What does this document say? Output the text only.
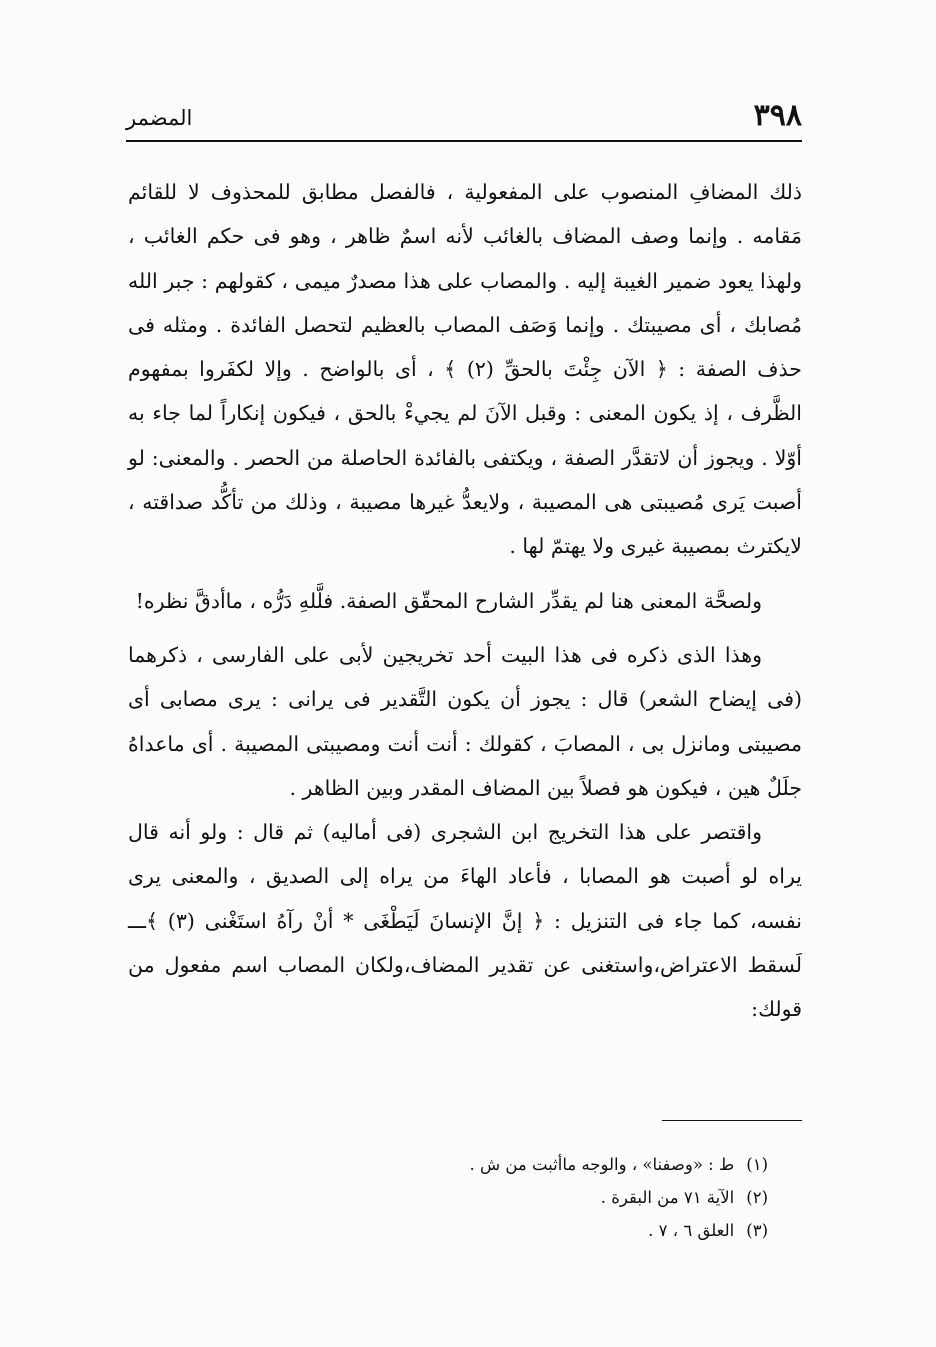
٣٩٨
المضمر

ذلك المضافِ المنصوب على المفعولية ، فالفصل مطابق للمحذوف لا للقائم مَقامه . وإنما وصف المضاف بالغائب لأنه اسمٌ ظاهر ، وهو فى حكم الغائب ، ولهذا يعود ضمير الغيبة إليه . والمصاب على هذا مصدرٌ ميمى ، كقولهم : جبر الله مُصابك ، أى مصيبتك . وإنما وَصَف المصاب بالعظيم لتحصل الفائدة . ومثله فى حذف الصفة : ﴿ الآن جِئْتَ بالحقِّ (٢) ﴾ ، أى بالواضح . وإلا لكفَروا بمفهوم الظَّرف ، إذ يكون المعنى : وقبل الآنَ لم يجيءْ بالحق ، فيكون إنكاراً لما جاء به أوّلا . ويجوز أن لاتقدَّر الصفة ، ويكتفى بالفائدة الحاصلة من الحصر . والمعنى: لو أصبت يَرى مُصيبتى هى المصيبة ، ولايعدُّ غيرها مصيبة ، وذلك من تأكُّد صداقته ، لايكترث بمصيبة غيرى ولا يهتمّ لها .

ولصحَّة المعنى هنا لم يقدِّر الشارح المحقّق الصفة. فلَّلهِ دَرُّه ، ماأدقَّ نظره!

وهذا الذى ذكره فى هذا البيت أحد تخريجين لأبى على الفارسى ، ذكرهما (فى إيضاح الشعر) قال : يجوز أن يكون التَّقدير فى يرانى : يرى مصابى أى مصيبتى ومانزل بى ، المصابَ ، كقولك : أنت أنت ومصيبتى المصيبة . أى ماعداهُ جلَلٌ هين ، فيكون هو فصلاً بين المضاف المقدر وبين الظاهر .

واقتصر على هذا التخريج ابن الشجرى (فى أماليه) ثم قال : ولو أنه قال يراه لو أصبت هو المصابا ، فأعاد الهاءَ من يراه إلى الصديق ، والمعنى يرى نفسه، كما جاء فى التنزيل : ﴿ إنَّ الإنسانَ لَيَطْغَى * أنْ رآهُ استَغْنى (٣) ﴾ـــ لَسقط الاعتراض،واستغنى عن تقدير المضاف،ولكان المصاب اسم مفعول من قولك:

(١)ط : «وصفنا» ، والوجه ماأثبت من ش .
(٢)الآية ٧١ من البقرة .
(٣)العلق ٦ ، ٧ .
